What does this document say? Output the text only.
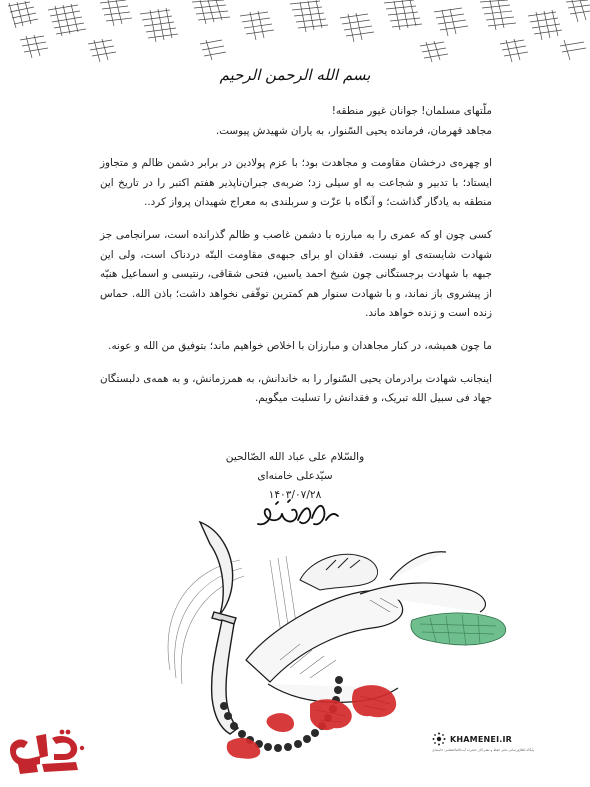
بسم الله الرحمن الرحیم

ملّتهای مسلمان! جوانان غیور منطقه!

مجاهد قهرمان، فرمانده یحیی السّنوار، به یاران شهیدش پیوست.

او چهره‌ی درخشان مقاومت و مجاهدت بود؛ با عزم پولادین در برابر دشمن ظالم و متجاوز ایستاد؛ با تدبیر و شجاعت به او سیلی زد؛ ضربه‌ی جبران‌ناپذیر هفتم اکتبر را در تاریخ این منطقه به یادگار گذاشت؛ و آنگاه با عزّت و سربلندی به معراج شهیدان پرواز کرد..

کسی چون او که عمری را به مبارزه با دشمن غاصب و ظالم گذرانده است، سرانجامی جز شهادت شایسته‌ی او نیست. فقدان او برای جبهه‌ی مقاومت البتّه دردناک است، ولی این جبهه با شهادت برجستگانی چون شیخ احمد یاسین، فتحی شقاقی، رنتیسی و اسماعیل هنیّه از پیشروی باز نماند، و با شهادت سنوار هم کمترین توقّفی نخواهد داشت؛ باذن الله. حماس زنده است و زنده خواهد ماند.

ما چون همیشه، در کنار مجاهدان و مبارزان با اخلاص خواهیم ماند؛ بتوفیق من الله و عونه.

اینجانب شهادت برادرمان یحیی السّنوار را به خاندانش، به همرزمانش، و به همه‌ی دلبستگان جهاد فی سبیل الله تبریک، و فقدانش را تسلیت میگویم.

والسّلام علی عباد الله الصّالحین
سیّدعلی خامنه‌ای
۱۴۰۳/۰۷/۲۸
KHAMENEI.IR
پایگاه اطلاع‌رسانی دفتر حفظ و نشر آثار حضرت آیت‌الله‌العظمی خامنه‌ای
